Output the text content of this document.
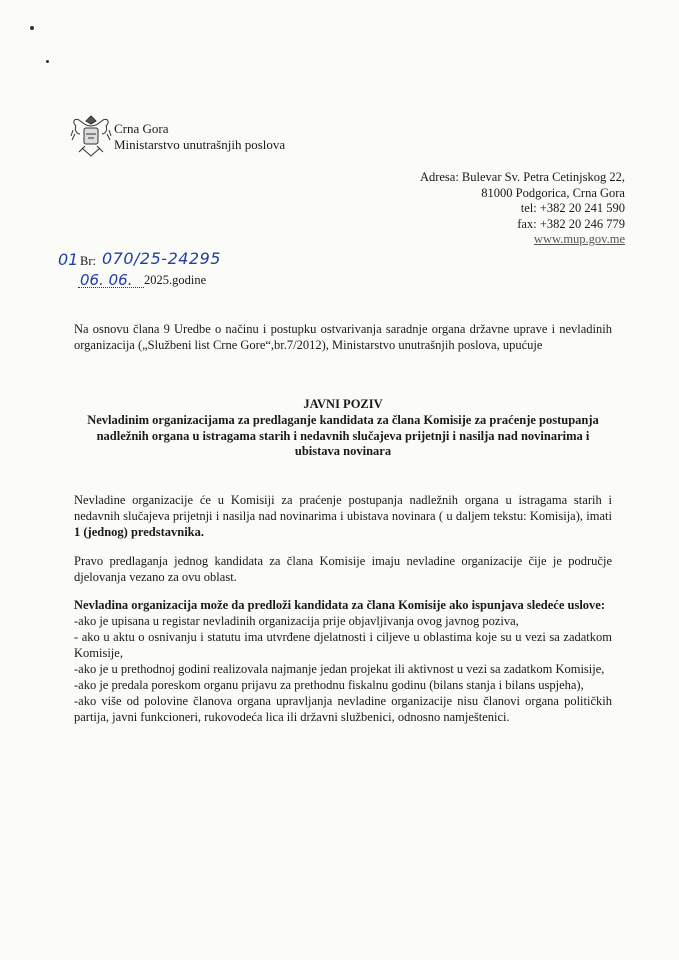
Crna Gora
Ministarstvo unutrašnjih poslova
Adresa: Bulevar Sv. Petra Cetinjskog 22,
81000 Podgorica, Crna Gora
tel: +382 20 241 590
fax: +382 20 246 779
www.mup.gov.me
01 Br: 070/25-24295
06. 06. 2025.godine
Na osnovu člana 9 Uredbe o načinu i postupku ostvarivanja saradnje organa državne uprave i nevladinih organizacija („Službeni list Crne Gore“,br.7/2012), Ministarstvo unutrašnjih poslova, upućuje
JAVNI POZIV
Nevladinim organizacijama za predlaganje kandidata za člana Komisije za praćenje postupanja nadležnih organa u istragama starih i nedavnih slučajeva prijetnji i nasilja nad novinarima i ubistava novinara
Nevladine organizacije će u Komisiji za praćenje postupanja nadležnih organa u istragama starih i nedavnih slučajeva prijetnji i nasilja nad novinarima i ubistava novinara ( u daljem tekstu: Komisija), imati 1 (jednog) predstavnika.
Pravo predlaganja jednog kandidata za člana Komisije imaju nevladine organizacije čije je područje djelovanja vezano za ovu oblast.
Nevladina organizacija može da predloži kandidata za člana Komisije ako ispunjava sledeće uslove:

-ako je upisana u registar nevladinih organizacija prije objavljivanja ovog javnog poziva,

- ako u aktu o osnivanju i statutu ima utvrđene djelatnosti i ciljeve u oblastima koje su u vezi sa zadatkom Komisije,

-ako je u prethodnoj godini realizovala najmanje jedan projekat ili aktivnost u vezi sa zadatkom Komisije,

-ako je predala poreskom organu prijavu za prethodnu fiskalnu godinu (bilans stanja i bilans uspjeha),

-ako više od polovine članova organa upravljanja nevladine organizacije nisu članovi organa političkih partija, javni funkcioneri, rukovodeća lica ili državni službenici, odnosno namještenici.
